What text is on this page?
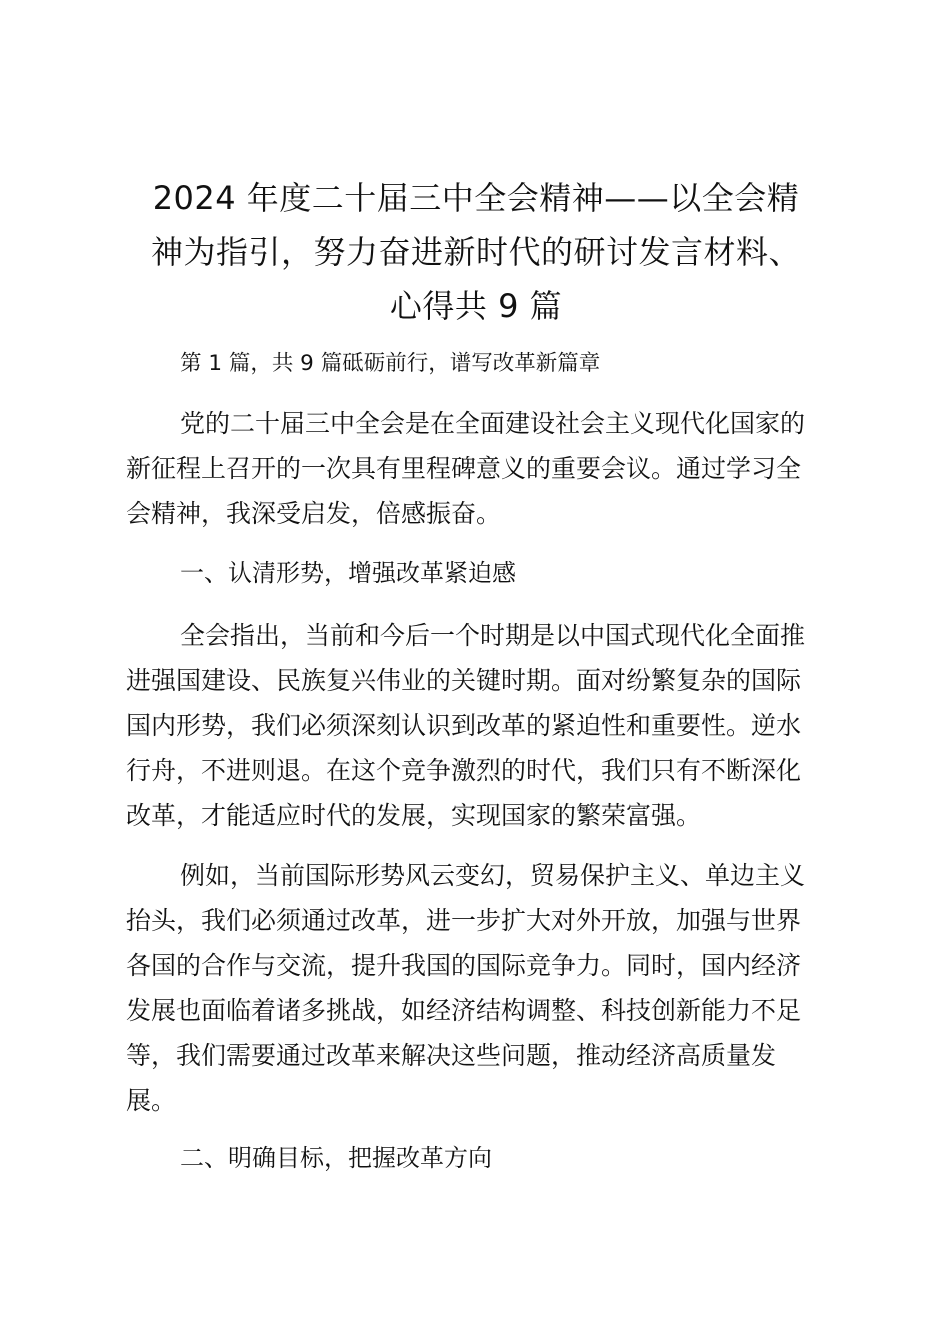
2024 年度二十届三中全会精神——以全会精
神为指引，努力奋进新时代的研讨发言材料、
心得共 9 篇

第 1 篇，共 9 篇砥砺前行，谱写改革新篇章

党的二十届三中全会是在全面建设社会主义现代化国家的
新征程上召开的一次具有里程碑意义的重要会议。通过学习全
会精神，我深受启发，倍感振奋。

一、认清形势，增强改革紧迫感

全会指出，当前和今后一个时期是以中国式现代化全面推
进强国建设、民族复兴伟业的关键时期。面对纷繁复杂的国际
国内形势，我们必须深刻认识到改革的紧迫性和重要性。逆水
行舟，不进则退。在这个竞争激烈的时代，我们只有不断深化
改革，才能适应时代的发展，实现国家的繁荣富强。

例如，当前国际形势风云变幻，贸易保护主义、单边主义
抬头，我们必须通过改革，进一步扩大对外开放，加强与世界
各国的合作与交流，提升我国的国际竞争力。同时，国内经济
发展也面临着诸多挑战，如经济结构调整、科技创新能力不足
等，我们需要通过改革来解决这些问题，推动经济高质量发
展。

二、明确目标，把握改革方向
